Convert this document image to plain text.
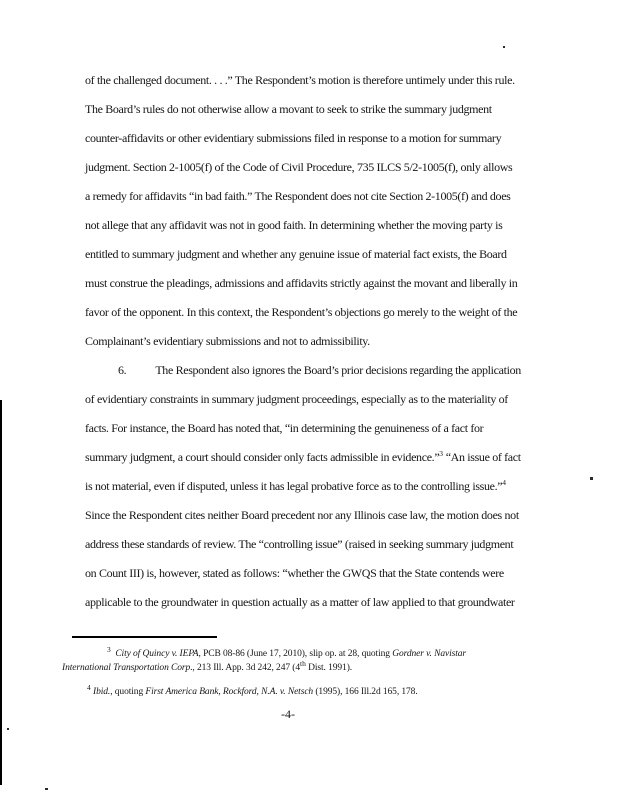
of the challenged document. . . .” The Respondent’s motion is therefore untimely under this rule.
The Board’s rules do not otherwise allow a movant to seek to strike the summary judgment
counter-affidavits or other evidentiary submissions filed in response to a motion for summary
judgment. Section 2-1005(f) of the Code of Civil Procedure, 735 ILCS 5/2-1005(f), only allows
a remedy for affidavits “in bad faith.” The Respondent does not cite Section 2-1005(f) and does
not allege that any affidavit was not in good faith. In determining whether the moving party is
entitled to summary judgment and whether any genuine issue of material fact exists, the Board
must construe the pleadings, admissions and affidavits strictly against the movant and liberally in
favor of the opponent. In this context, the Respondent’s objections go merely to the weight of the
Complainant’s evidentiary submissions and not to admissibility.
6. The Respondent also ignores the Board’s prior decisions regarding the application
of evidentiary constraints in summary judgment proceedings, especially as to the materiality of
facts. For instance, the Board has noted that, “in determining the genuineness of a fact for
summary judgment, a court should consider only facts admissible in evidence.”$^3$ “An issue of fact
is not material, even if disputed, unless it has legal probative force as to the controlling issue.”$^4$
Since the Respondent cites neither Board precedent nor any Illinois case law, the motion does not
address these standards of review. The “controlling issue” (raised in seeking summary judgment
on Count III) is, however, stated as follows: “whether the GWQS that the State contends were
applicable to the groundwater in question actually as a matter of law applied to that groundwater
$^3$ City of Quincy v. IEPA, PCB 08-86 (June 17, 2010), slip op. at 28, quoting Gordner v. Navistar
International Transportation Corp., 213 Ill. App. 3d 242, 247 (4th Dist. 1991).
$^4$ Ibid., quoting First America Bank, Rockford, N.A. v. Netsch (1995), 166 Ill.2d 165, 178.
-4-
